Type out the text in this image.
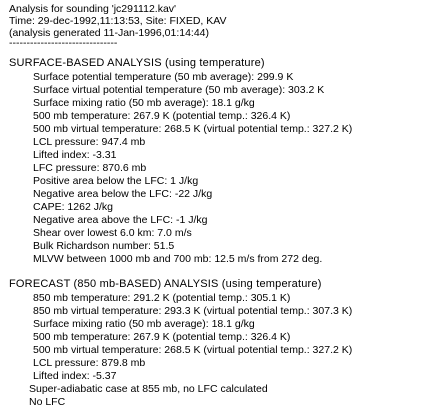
Analysis for sounding 'jc291112.kav'
Time: 29-dec-1992,11:13:53, Site: FIXED, KAV
(analysis generated 11-Jan-1996,01:14:44)
-------------------------------
SURFACE-BASED ANALYSIS (using temperature)
Surface potential temperature (50 mb average): 299.9 K
Surface virtual potential temperature (50 mb average): 303.2 K
Surface mixing ratio (50 mb average): 18.1 g/kg
500 mb temperature: 267.9 K (potential temp.: 326.4 K)
500 mb virtual temperature: 268.5 K (virtual potential temp.: 327.2 K)
LCL pressure: 947.4 mb
Lifted index: -3.31
LFC pressure: 870.6 mb
Positive area below the LFC: 1 J/kg
Negative area below the LFC: -22 J/kg
CAPE: 1262 J/kg
Negative area above the LFC: -1 J/kg
Shear over lowest 6.0 km: 7.0 m/s
Bulk Richardson number: 51.5
MLVW between 1000 mb and 700 mb: 12.5 m/s from 272 deg.
FORECAST (850 mb-BASED) ANALYSIS (using temperature)
850 mb temperature: 291.2 K (potential temp.: 305.1 K)
850 mb virtual temperature: 293.3 K (virtual potential temp.: 307.3 K)
Surface mixing ratio (50 mb average): 18.1 g/kg
500 mb temperature: 267.9 K (potential temp.: 326.4 K)
500 mb virtual temperature: 268.5 K (virtual potential temp.: 327.2 K)
LCL pressure: 879.8 mb
Lifted index: -5.37
Super-adiabatic case at 855 mb, no LFC calculated
No LFC
